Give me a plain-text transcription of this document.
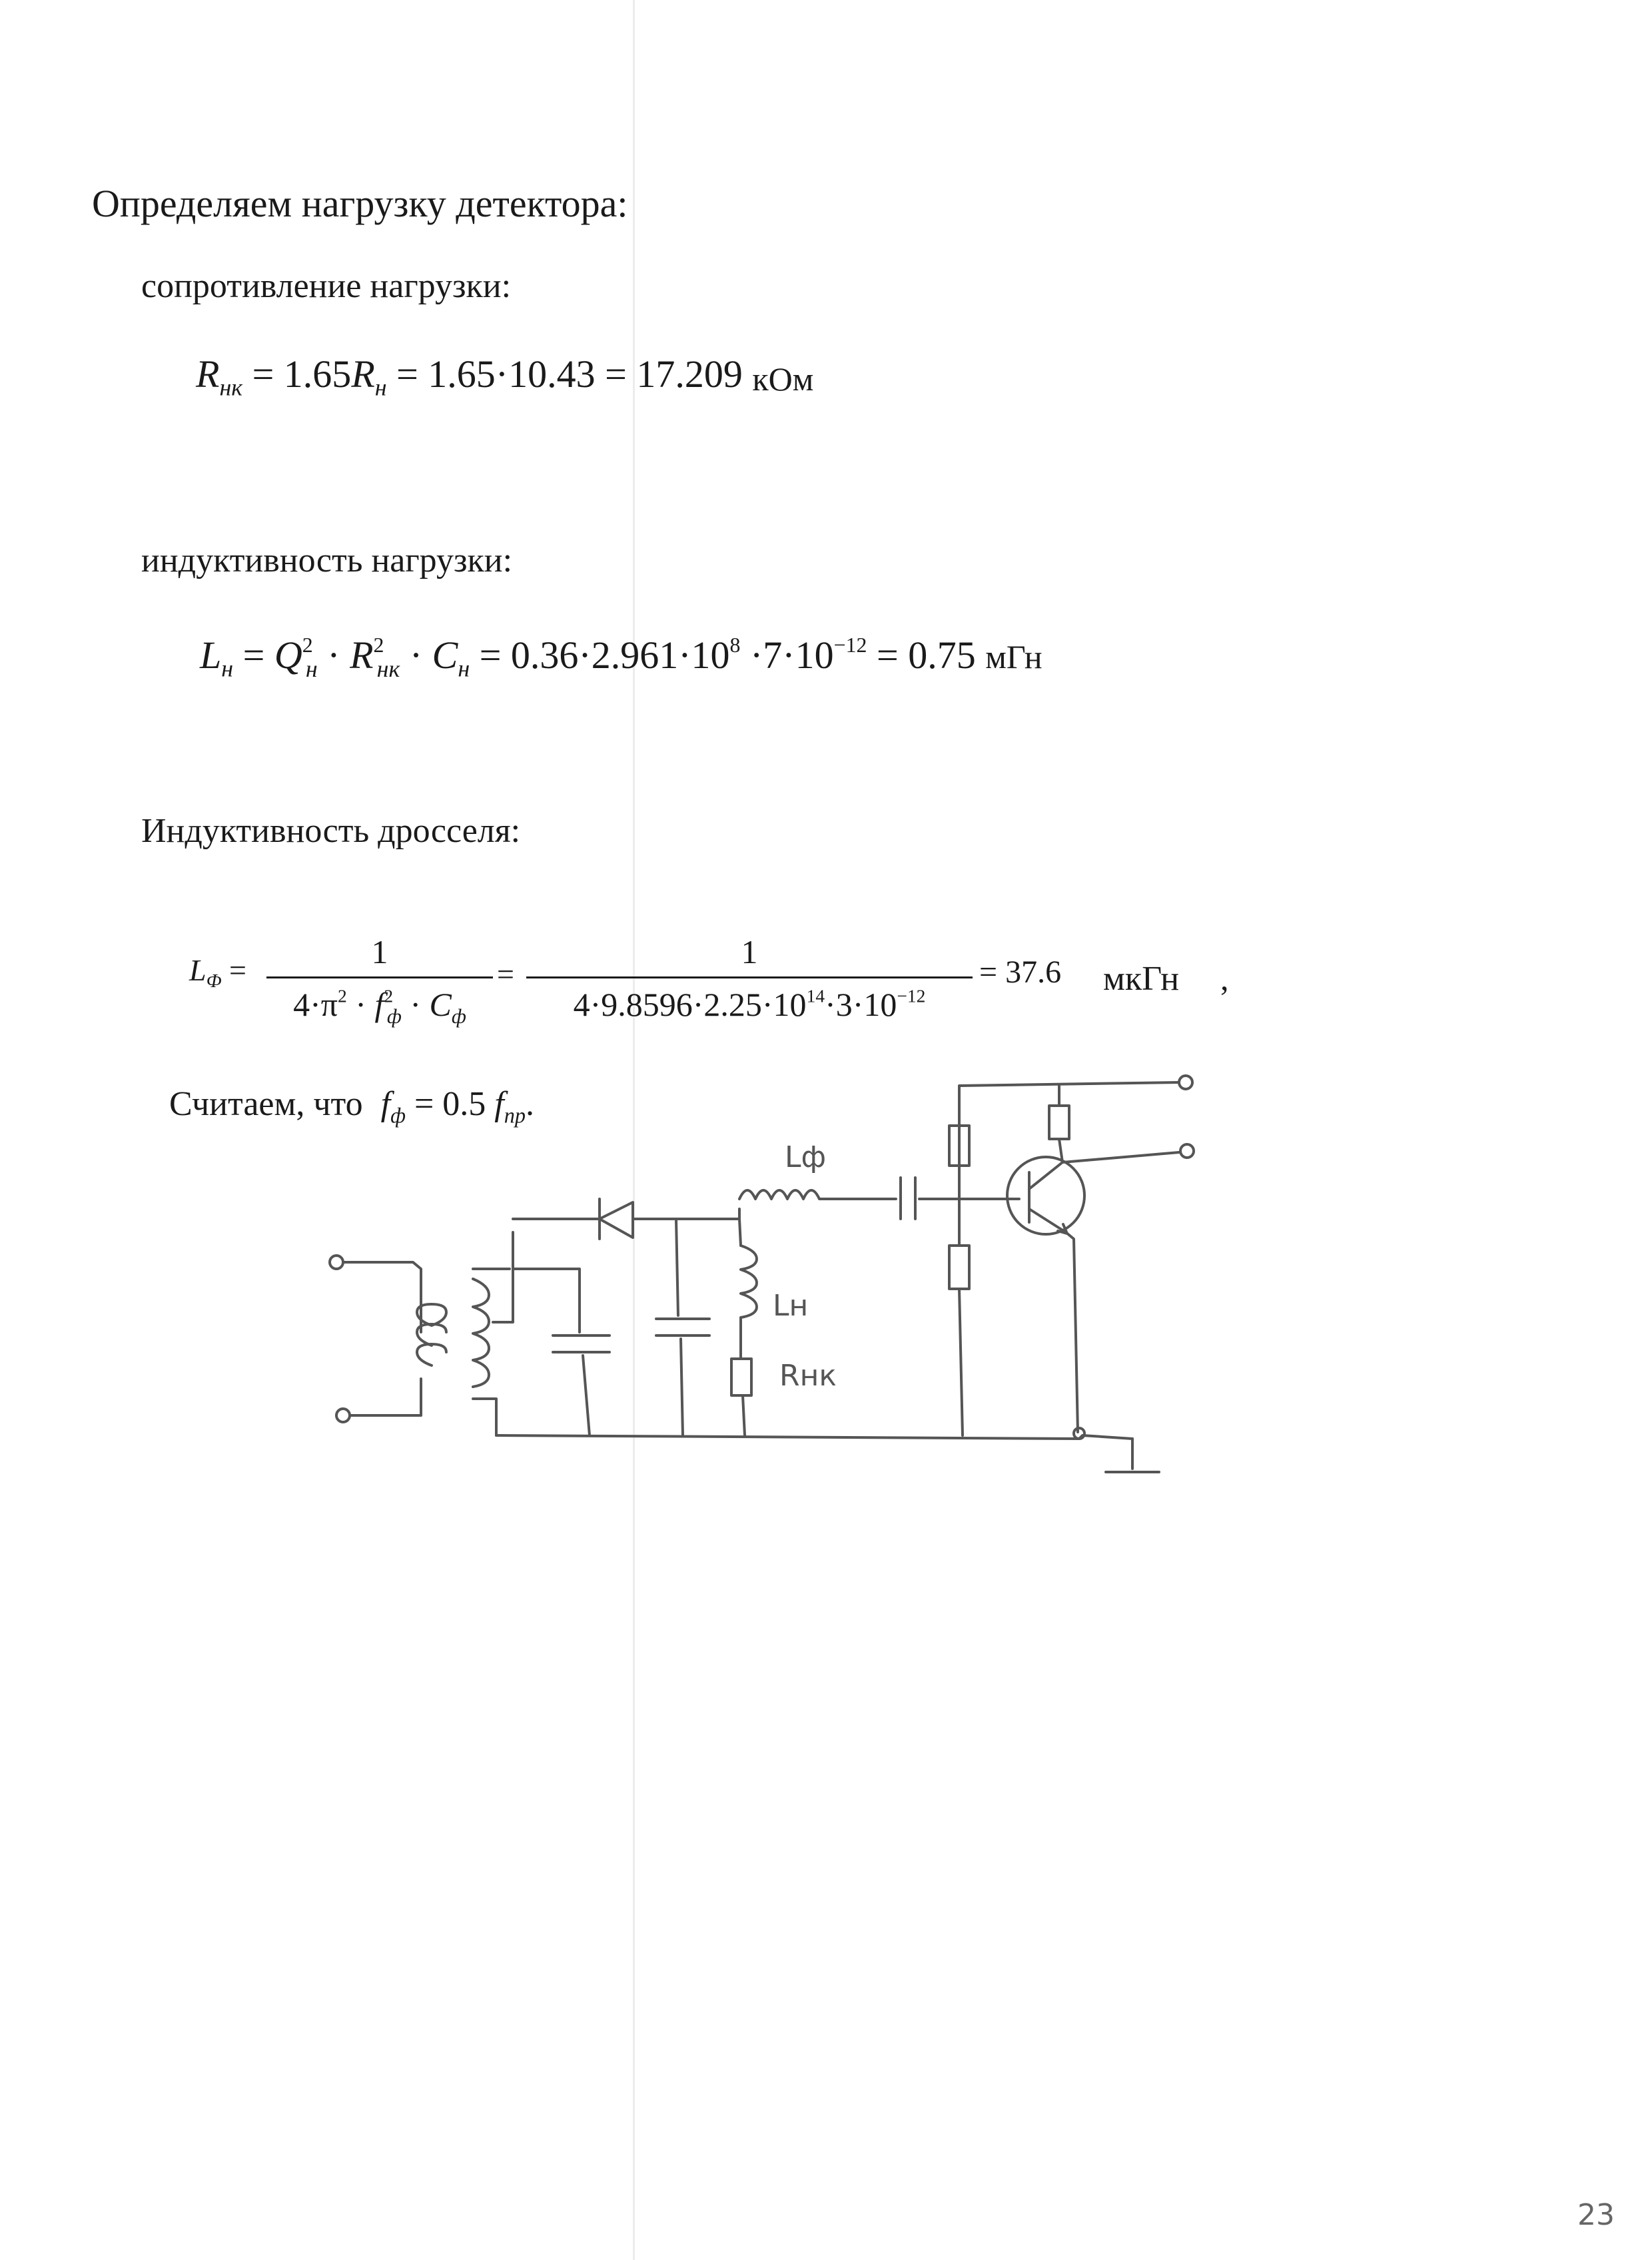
Определяем нагрузку детектора:
сопротивление нагрузки:
$R_{нк} = 1.65R_н = 1.65\cdot 10.43 = 17.209$ кОм
индуктивность нагрузки:
$L_н = Q^2_н \cdot R^2_{нк} \cdot C_н = 0.36\cdot 2.961\cdot 10^8 \cdot 7\cdot 10^{-12} = 0.75$ мГн
Индуктивность дросселя:
$L_Ф$ =	1
$4\cdot\pi^2 \cdot f^2_ф \cdot C_ф$
=
1
$4\cdot 9.8596\cdot 2.25\cdot 10^{14}\cdot 3\cdot 10^{-12}$
= 37.6 мкГн ,
Считаем, что $f_ф = 0.5$ $f_{пр}$.
Lф
Lн
Rнк
23
